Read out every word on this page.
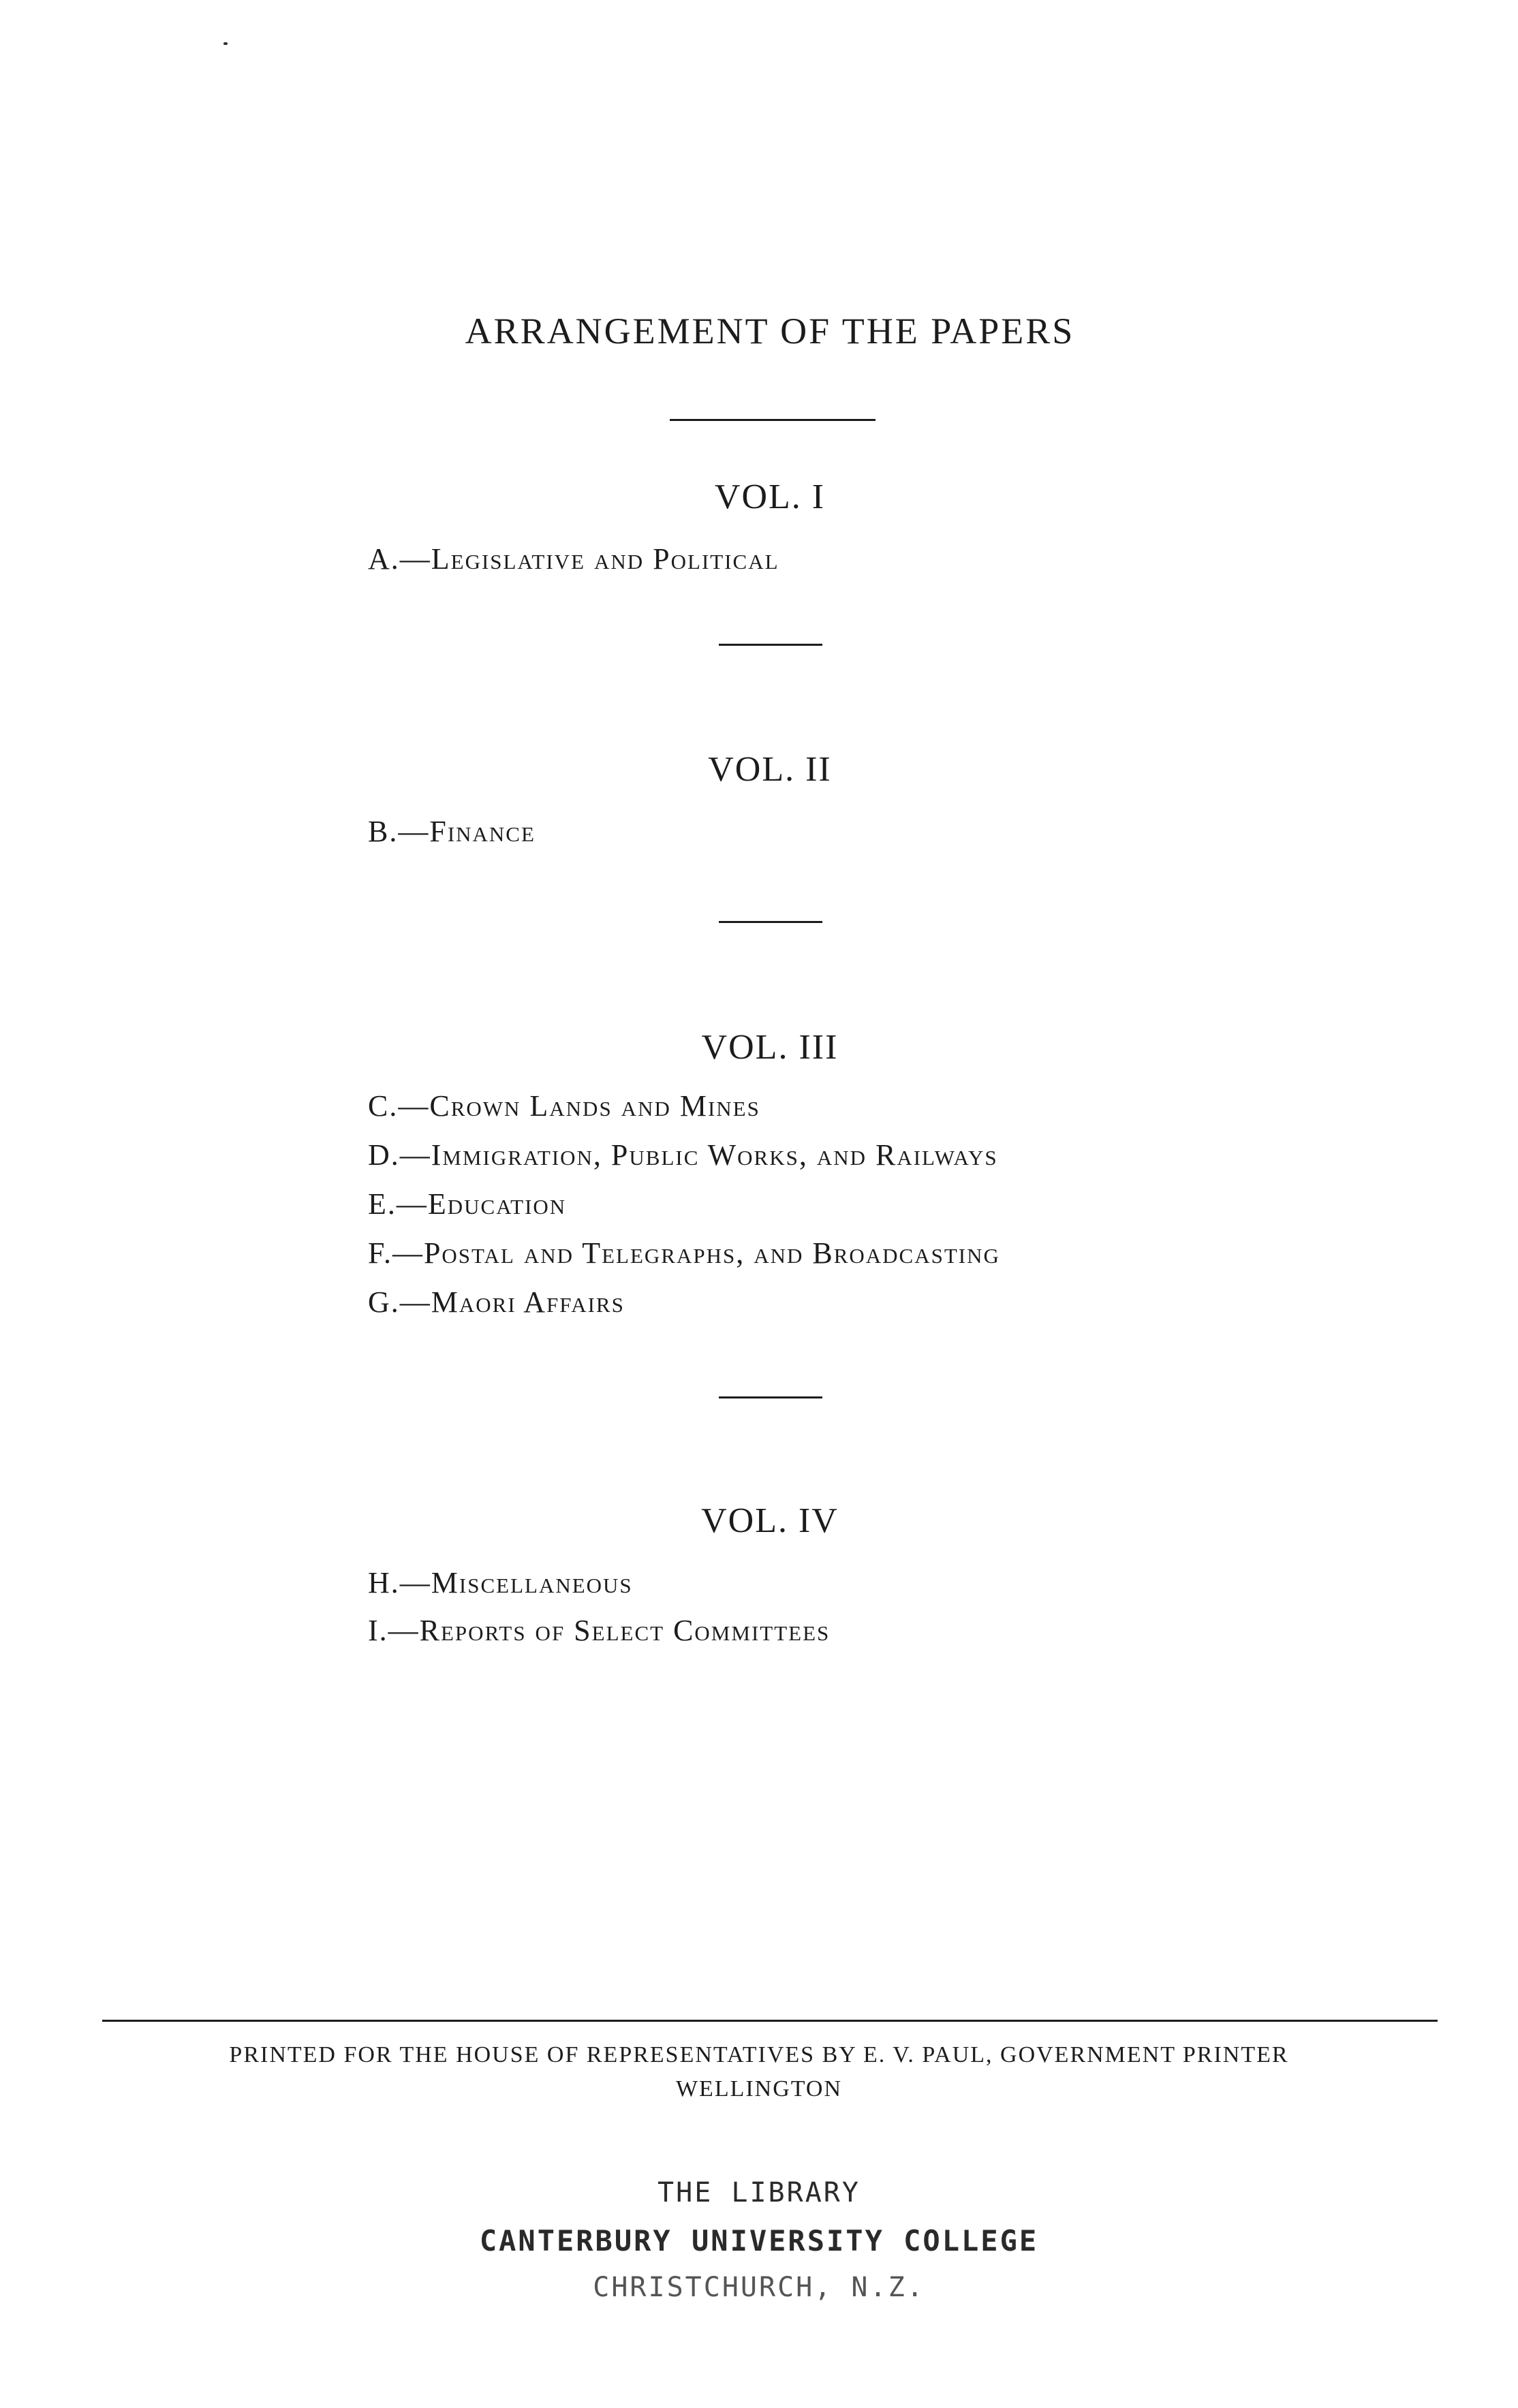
ARRANGEMENT OF THE PAPERS
VOL. I
A.—Legislative and Political
VOL. II
B.—Finance
VOL. III
C.—Crown Lands and Mines
D.—Immigration, Public Works, and Railways
E.—Education
F.—Postal and Telegraphs, and Broadcasting
G.—Maori Affairs
VOL. IV
H.—Miscellaneous
I.—Reports of Select Committees
PRINTED FOR THE HOUSE OF REPRESENTATIVES BY E. V. PAUL, GOVERNMENT PRINTER
WELLINGTON
THE LIBRARY
CANTERBURY UNIVERSITY COLLEGE
CHRISTCHURCH, N.Z.
